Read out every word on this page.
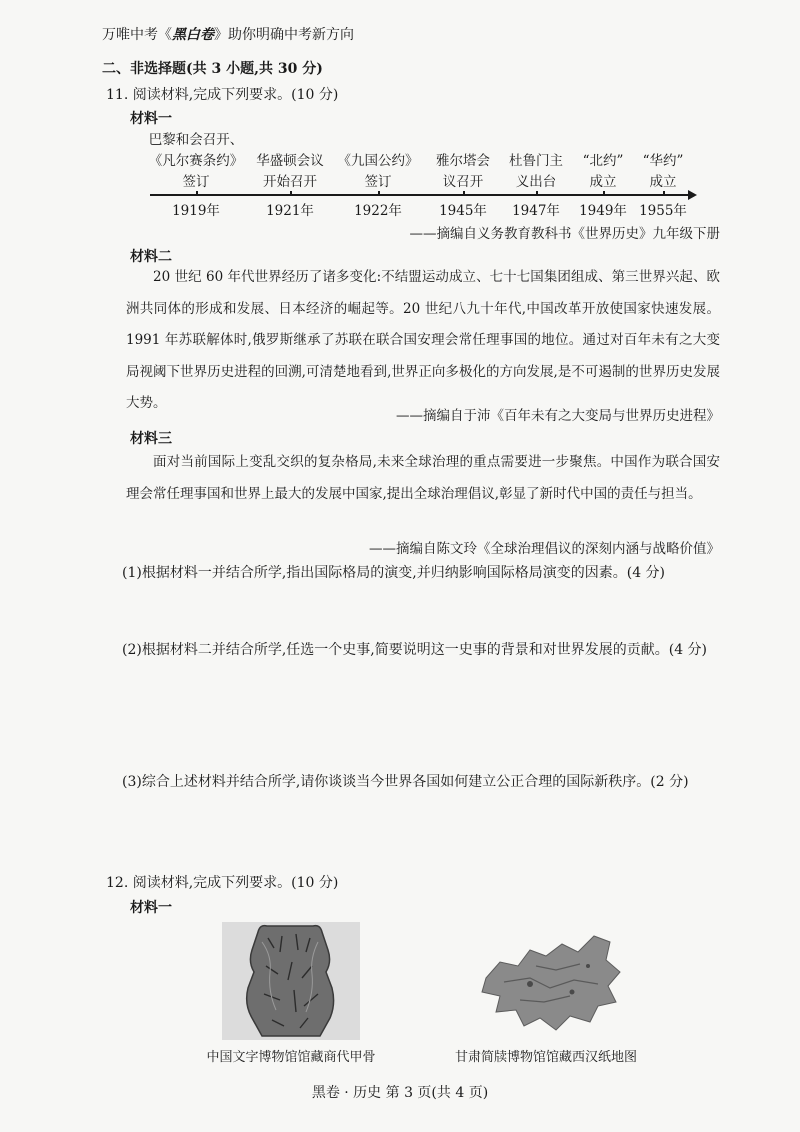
万唯中考《黑白卷》助你明确中考新方向
二、非选择题(共 3 小题,共 30 分)
11. 阅读材料,完成下列要求。(10 分)
材料一
巴黎和会召开、
《凡尔赛条约》
签订
华盛顿会议
开始召开
《九国公约》
签订
雅尔塔会
议召开
杜鲁门主
义出台
“北约”
成立
“华约”
成立
1919年	1921年	1922年	1945年 1947年 1949年 1955年
——摘编自义务教育教科书《世界历史》九年级下册
材料二
20 世纪 60 年代世界经历了诸多变化:不结盟运动成立、七十七国集团组成、第三世界兴起、欧洲共同体的形成和发展、日本经济的崛起等。20 世纪八九十年代,中国改革开放使国家快速发展。1991 年苏联解体时,俄罗斯继承了苏联在联合国安理会常任理事国的地位。通过对百年未有之大变局视阈下世界历史进程的回溯,可清楚地看到,世界正向多极化的方向发展,是不可遏制的世界历史发展大势。
——摘编自于沛《百年未有之大变局与世界历史进程》
材料三
面对当前国际上变乱交织的复杂格局,未来全球治理的重点需要进一步聚焦。中国作为联合国安理会常任理事国和世界上最大的发展中国家,提出全球治理倡议,彰显了新时代中国的责任与担当。
——摘编自陈文玲《全球治理倡议的深刻内涵与战略价值》
(1)根据材料一并结合所学,指出国际格局的演变,并归纳影响国际格局演变的因素。(4 分)
(2)根据材料二并结合所学,任选一个史事,简要说明这一史事的背景和对世界发展的贡献。(4 分)
(3)综合上述材料并结合所学,请你谈谈当今世界各国如何建立公正合理的国际新秩序。(2 分)
12. 阅读材料,完成下列要求。(10 分)
材料一
中国文字博物馆馆藏商代甲骨	甘肃简牍博物馆馆藏西汉纸地图
黑卷 · 历史 第 3 页(共 4 页)
